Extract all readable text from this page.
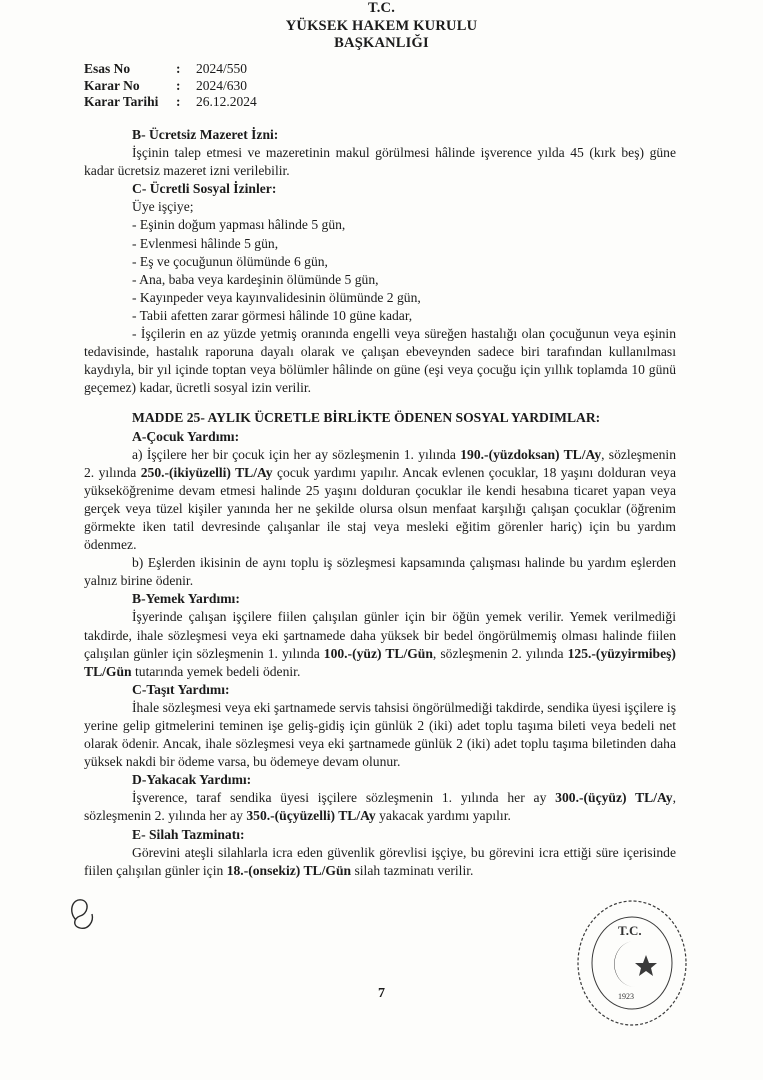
T.C.
YÜKSEK HAKEM KURULU
BAŞKANLIĞI
Esas No	:	2024/550
Karar No	:	2024/630
Karar Tarihi	:	26.12.2024

B- Ücretsiz Mazeret İzni:

İşçinin talep etmesi ve mazeretinin makul görülmesi hâlinde işverence yılda 45 (kırk beş) güne kadar ücretsiz mazeret izni verilebilir.

C- Ücretli Sosyal İzinler:

Üye işçiye;

- Eşinin doğum yapması hâlinde 5 gün,

- Evlenmesi hâlinde 5 gün,

- Eş ve çocuğunun ölümünde 6 gün,

- Ana, baba veya kardeşinin ölümünde 5 gün,

- Kayınpeder veya kayınvalidesinin ölümünde 2 gün,

- Tabii afetten zarar görmesi hâlinde 10 güne kadar,

- İşçilerin en az yüzde yetmiş oranında engelli veya süreğen hastalığı olan çocuğunun veya eşinin tedavisinde, hastalık raporuna dayalı olarak ve çalışan ebeveynden sadece biri tarafından kullanılması kaydıyla, bir yıl içinde toptan veya bölümler hâlinde on güne (eşi veya çocuğu için yıllık toplamda 10 günü geçemez) kadar, ücretli sosyal izin verilir.

MADDE 25- AYLIK ÜCRETLE BİRLİKTE ÖDENEN SOSYAL YARDIMLAR:

A-Çocuk Yardımı:

a) İşçilere her bir çocuk için her ay sözleşmenin 1. yılında 190.-(yüzdoksan) TL/Ay, sözleşmenin 2. yılında 250.-(ikiyüzelli) TL/Ay çocuk yardımı yapılır. Ancak evlenen çocuklar, 18 yaşını dolduran veya yükseköğrenime devam etmesi halinde 25 yaşını dolduran çocuklar ile kendi hesabına ticaret yapan veya gerçek veya tüzel kişiler yanında her ne şekilde olursa olsun menfaat karşılığı çalışan çocuklar (öğrenim görmekte iken tatil devresinde çalışanlar ile staj veya mesleki eğitim görenler hariç) için bu yardım ödenmez.

b) Eşlerden ikisinin de aynı toplu iş sözleşmesi kapsamında çalışması halinde bu yardım eşlerden yalnız birine ödenir.

B-Yemek Yardımı:

İşyerinde çalışan işçilere fiilen çalışılan günler için bir öğün yemek verilir. Yemek verilmediği takdirde, ihale sözleşmesi veya eki şartnamede daha yüksek bir bedel öngörülmemiş olması halinde fiilen çalışılan günler için sözleşmenin 1. yılında 100.-(yüz) TL/Gün, sözleşmenin 2. yılında 125.-(yüzyirmibeş) TL/Gün tutarında yemek bedeli ödenir.

C-Taşıt Yardımı:

İhale sözleşmesi veya eki şartnamede servis tahsisi öngörülmediği takdirde, sendika üyesi işçilere iş yerine gelip gitmelerini teminen işe geliş-gidiş için günlük 2 (iki) adet toplu taşıma bileti veya bedeli net olarak ödenir. Ancak, ihale sözleşmesi veya eki şartnamede günlük 2 (iki) adet toplu taşıma biletinden daha yüksek nakdi bir ödeme varsa, bu ödemeye devam olunur.

D-Yakacak Yardımı:

İşverence, taraf sendika üyesi işçilere sözleşmenin 1. yılında her ay 300.-(üçyüz) TL/Ay, sözleşmenin 2. yılında her ay 350.-(üçyüzelli) TL/Ay yakacak yardımı yapılır.

E- Silah Tazminatı:

Görevini ateşli silahlarla icra eden güvenlik görevlisi işçiye, bu görevini icra ettiği süre içerisinde fiilen çalışılan günler için 18.-(onsekiz) TL/Gün silah tazminatı verilir.

T.C.
1923
7
